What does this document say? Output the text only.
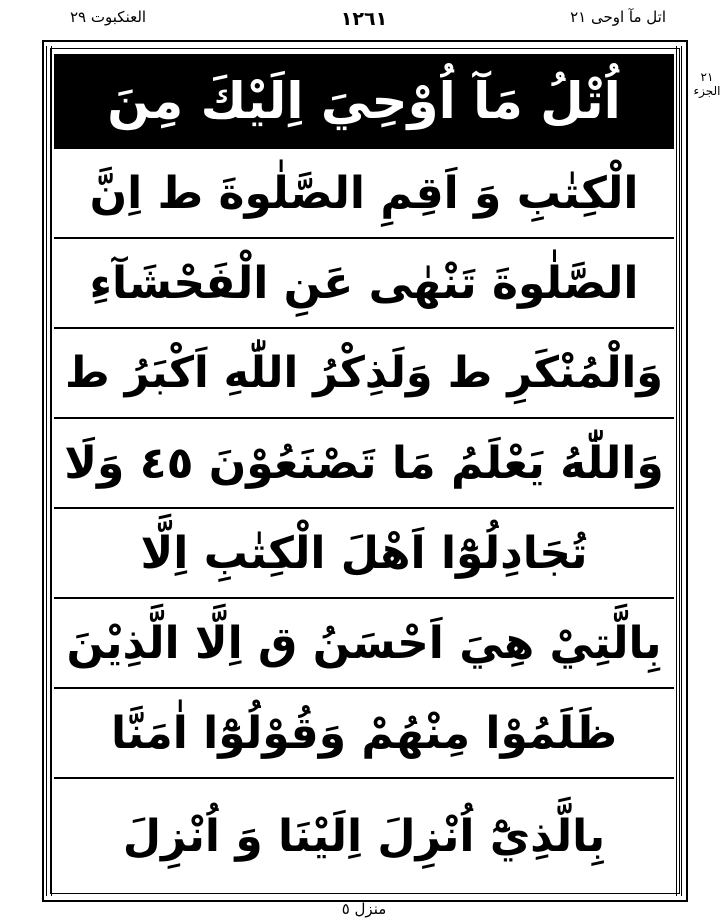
العنكبوت ٢٩	١٢٦١	اتل مآ اوحی ٢١
اُتْلُ مَآ اُوْحِيَ اِلَيْكَ مِنَ
الْكِتٰبِ وَ اَقِمِ الصَّلٰوةَ ط اِنَّ
الصَّلٰوةَ تَنْهٰى عَنِ الْفَحْشَآءِ
وَالْمُنْكَرِ ط وَلَذِكْرُ اللّٰهِ اَكْبَرُ ط
وَاللّٰهُ يَعْلَمُ مَا تَصْنَعُوْنَ ٤٥ وَلَا
تُجَادِلُوْٓا اَهْلَ الْكِتٰبِ اِلَّا
بِالَّتِيْ هِيَ اَحْسَنُ ق اِلَّا الَّذِيْنَ
ظَلَمُوْا مِنْهُمْ وَقُوْلُوْٓا اٰمَنَّا
بِالَّذِيْٓ اُنْزِلَ اِلَيْنَا وَ اُنْزِلَ
٢١
الجزء
منزل ٥
